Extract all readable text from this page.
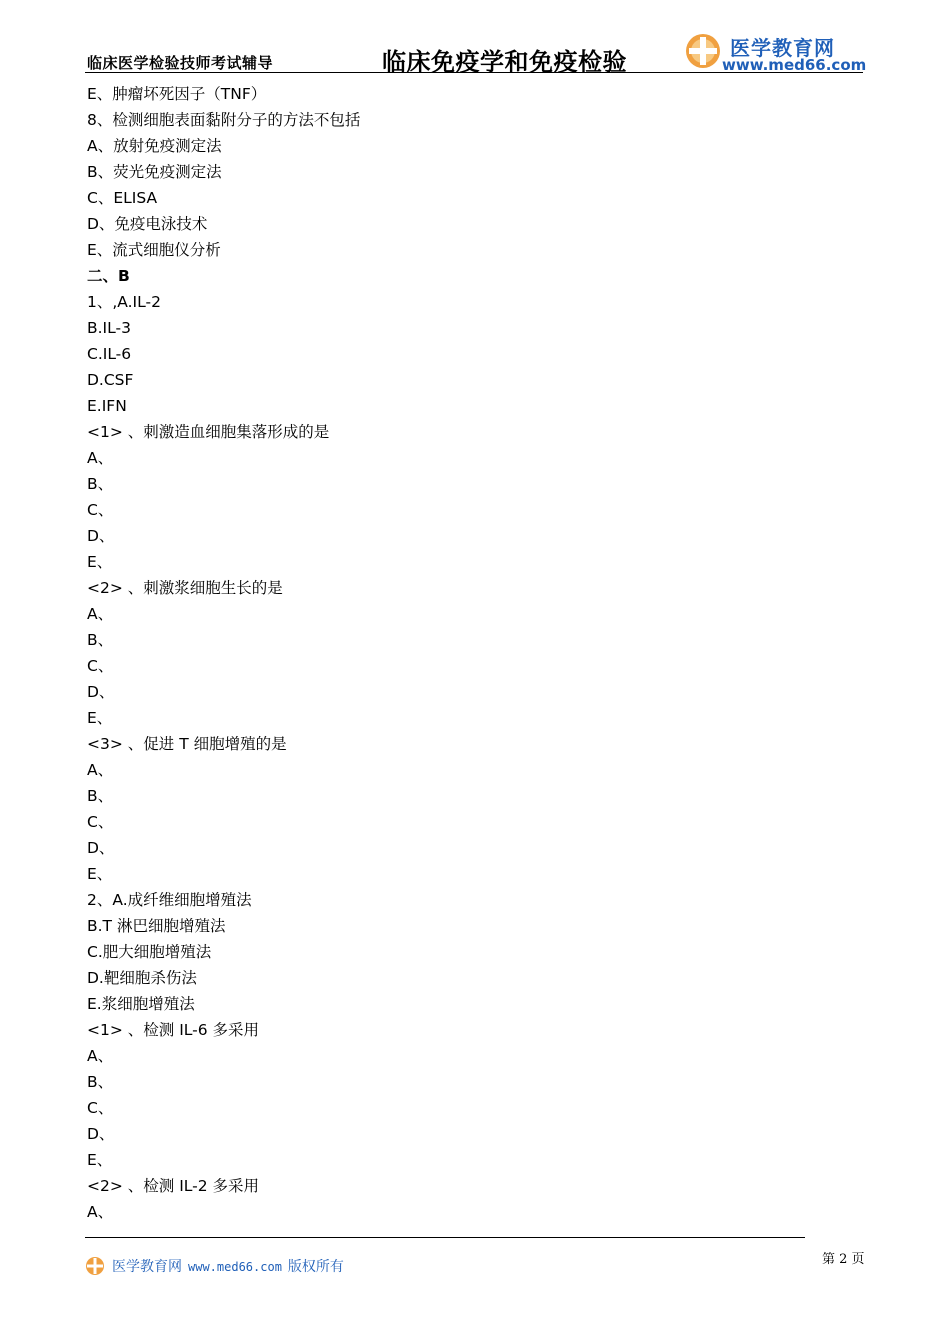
临床医学检验技师考试辅导	临床免疫学和免疫检验	医学教育网
www.med66.com
E、肿瘤坏死因子（TNF）
8、检测细胞表面黏附分子的方法不包括
A、放射免疫测定法
B、荧光免疫测定法
C、ELISA
D、免疫电泳技术
E、流式细胞仪分析
二、B
1、,A.IL-2
B.IL-3
C.IL-6
D.CSF
E.IFN
<1> 、刺激造血细胞集落形成的是
A、
B、
C、
D、
E、
<2> 、刺激浆细胞生长的是
A、
B、
C、
D、
E、
<3> 、促进 T 细胞增殖的是
A、
B、
C、
D、
E、
2、A.成纤维细胞增殖法
B.T 淋巴细胞增殖法
C.肥大细胞增殖法
D.靶细胞杀伤法
E.浆细胞增殖法
<1> 、检测 IL-6 多采用
A、
B、
C、
D、
E、
<2> 、检测 IL-2 多采用
A、
医学教育网 www.med66.com 版权所有	第 2 页
